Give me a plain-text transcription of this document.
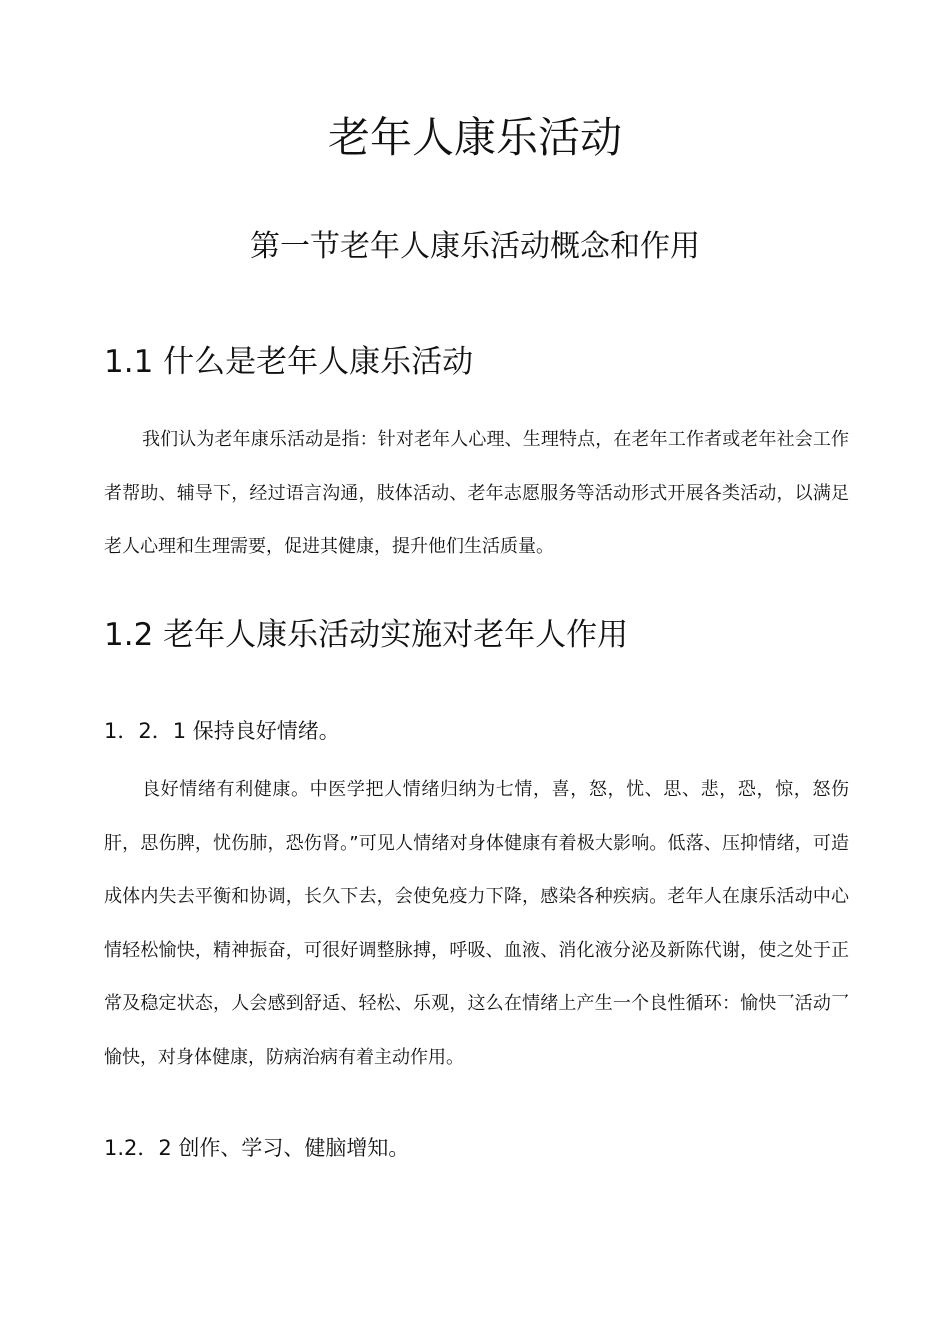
老年人康乐活动
第一节老年人康乐活动概念和作用
1.1 什么是老年人康乐活动

我们认为老年康乐活动是指：针对老年人心理、生理特点，在老年工作者或老年社会工作者帮助、辅导下，经过语言沟通，肢体活动、老年志愿服务等活动形式开展各类活动，以满足老人心理和生理需要，促进其健康，提升他们生活质量。

1.2 老年人康乐活动实施对老年人作用
1．2．1 保持良好情绪。

良好情绪有利健康。中医学把人情绪归纳为七情，喜，怒，忧、思、悲，恐，惊，怒伤肝，思伤脾，忧伤肺，恐伤肾。”可见人情绪对身体健康有着极大影响。低落、压抑情绪，可造成体内失去平衡和协调，长久下去，会使免疫力下降，感染各种疾病。老年人在康乐活动中心情轻松愉快，精神振奋，可很好调整脉搏，呼吸、血液、消化液分泌及新陈代谢，使之处于正常及稳定状态，人会感到舒适、轻松、乐观，这么在情绪上产生一个良性循环：愉快乛活动乛愉快，对身体健康，防病治病有着主动作用。

1.2．2 创作、学习、健脑增知。
